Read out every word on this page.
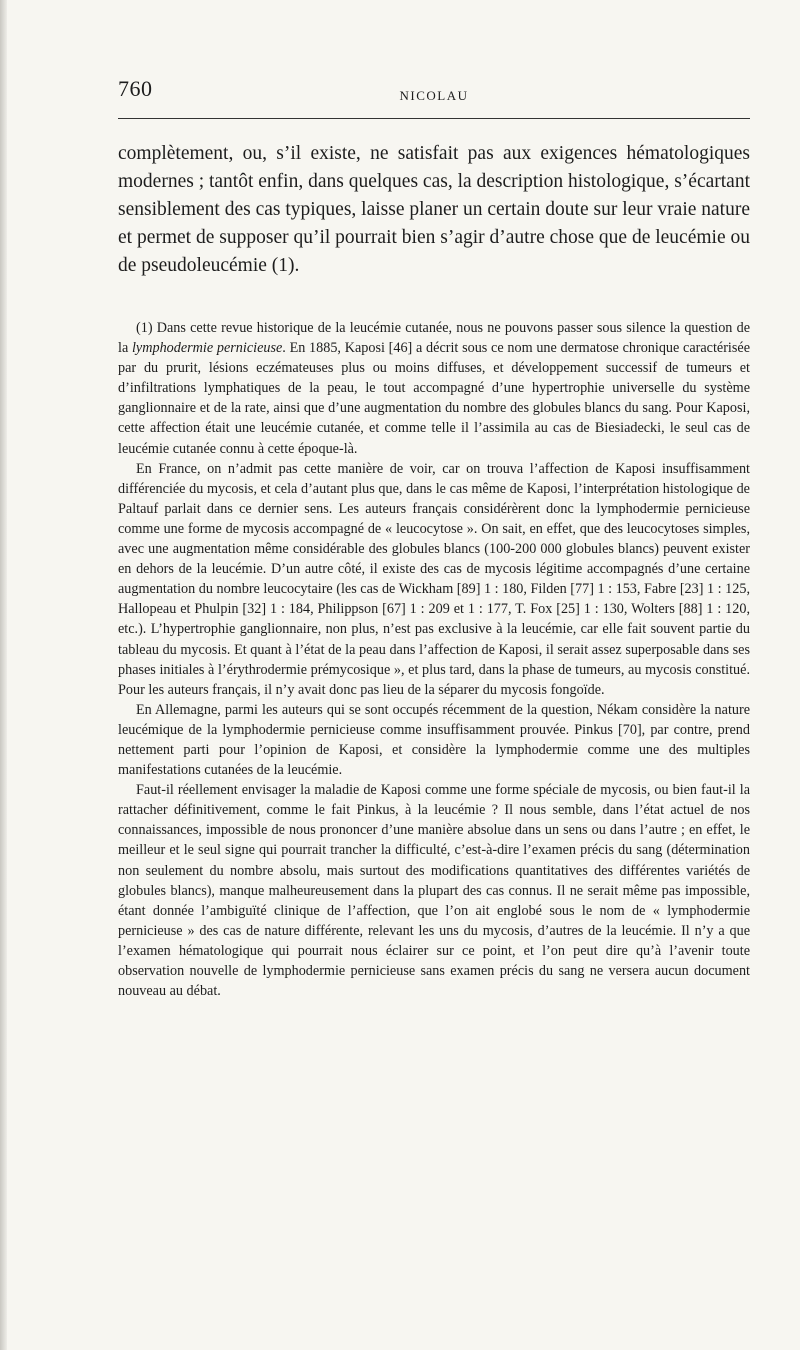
760	NICOLAU

complètement, ou, s’il existe, ne satisfait pas aux exigences hématologiques modernes ; tantôt enfin, dans quelques cas, la description histologique, s’écartant sensiblement des cas typiques, laisse planer un certain doute sur leur vraie nature et permet de supposer qu’il pourrait bien s’agir d’autre chose que de leucémie ou de pseudoleucémie (1).

(1) Dans cette revue historique de la leucémie cutanée, nous ne pouvons passer sous silence la question de la lymphodermie pernicieuse. En 1885, Kaposi [46] a décrit sous ce nom une dermatose chronique caractérisée par du prurit, lésions eczémateuses plus ou moins diffuses, et développement successif de tumeurs et d’infiltrations lymphatiques de la peau, le tout accompagné d’une hypertrophie universelle du système ganglionnaire et de la rate, ainsi que d’une augmentation du nombre des globules blancs du sang. Pour Kaposi, cette affection était une leucémie cutanée, et comme telle il l’assimila au cas de Biesiadecki, le seul cas de leucémie cutanée connu à cette époque-là.

En France, on n’admit pas cette manière de voir, car on trouva l’affection de Kaposi insuffisamment différenciée du mycosis, et cela d’autant plus que, dans le cas même de Kaposi, l’interprétation histologique de Paltauf parlait dans ce dernier sens. Les auteurs français considérèrent donc la lymphodermie pernicieuse comme une forme de mycosis accompagné de « leucocytose ». On sait, en effet, que des leucocytoses simples, avec une augmentation même considérable des globules blancs (100-200 000 globules blancs) peuvent exister en dehors de la leucémie. D’un autre côté, il existe des cas de mycosis légitime accompagnés d’une certaine augmentation du nombre leucocytaire (les cas de Wickham [89] 1 : 180, Filden [77] 1 : 153, Fabre [23] 1 : 125, Hallopeau et Phulpin [32] 1 : 184, Philippson [67] 1 : 209 et 1 : 177, T. Fox [25] 1 : 130, Wolters [88] 1 : 120, etc.). L’hypertrophie ganglionnaire, non plus, n’est pas exclusive à la leucémie, car elle fait souvent partie du tableau du mycosis. Et quant à l’état de la peau dans l’affection de Kaposi, il serait assez superposable dans ses phases initiales à l’érythrodermie prémycosique », et plus tard, dans la phase de tumeurs, au mycosis constitué. Pour les auteurs français, il n’y avait donc pas lieu de la séparer du mycosis fongoïde.

En Allemagne, parmi les auteurs qui se sont occupés récemment de la question, Nékam considère la nature leucémique de la lymphodermie pernicieuse comme insuffisamment prouvée. Pinkus [70], par contre, prend nettement parti pour l’opinion de Kaposi, et considère la lymphodermie comme une des multiples manifestations cutanées de la leucémie.

Faut-il réellement envisager la maladie de Kaposi comme une forme spéciale de mycosis, ou bien faut-il la rattacher définitivement, comme le fait Pinkus, à la leucémie ? Il nous semble, dans l’état actuel de nos connaissances, impossible de nous prononcer d’une manière absolue dans un sens ou dans l’autre ; en effet, le meilleur et le seul signe qui pourrait trancher la difficulté, c’est-à-dire l’examen précis du sang (détermination non seulement du nombre absolu, mais surtout des modifications quantitatives des différentes variétés de globules blancs), manque malheureusement dans la plupart des cas connus. Il ne serait même pas impossible, étant donnée l’ambiguïté clinique de l’affection, que l’on ait englobé sous le nom de « lymphodermie pernicieuse » des cas de nature différente, relevant les uns du mycosis, d’autres de la leucémie. Il n’y a que l’examen hématologique qui pourrait nous éclairer sur ce point, et l’on peut dire qu’à l’avenir toute observation nouvelle de lymphodermie pernicieuse sans examen précis du sang ne versera aucun document nouveau au débat.
